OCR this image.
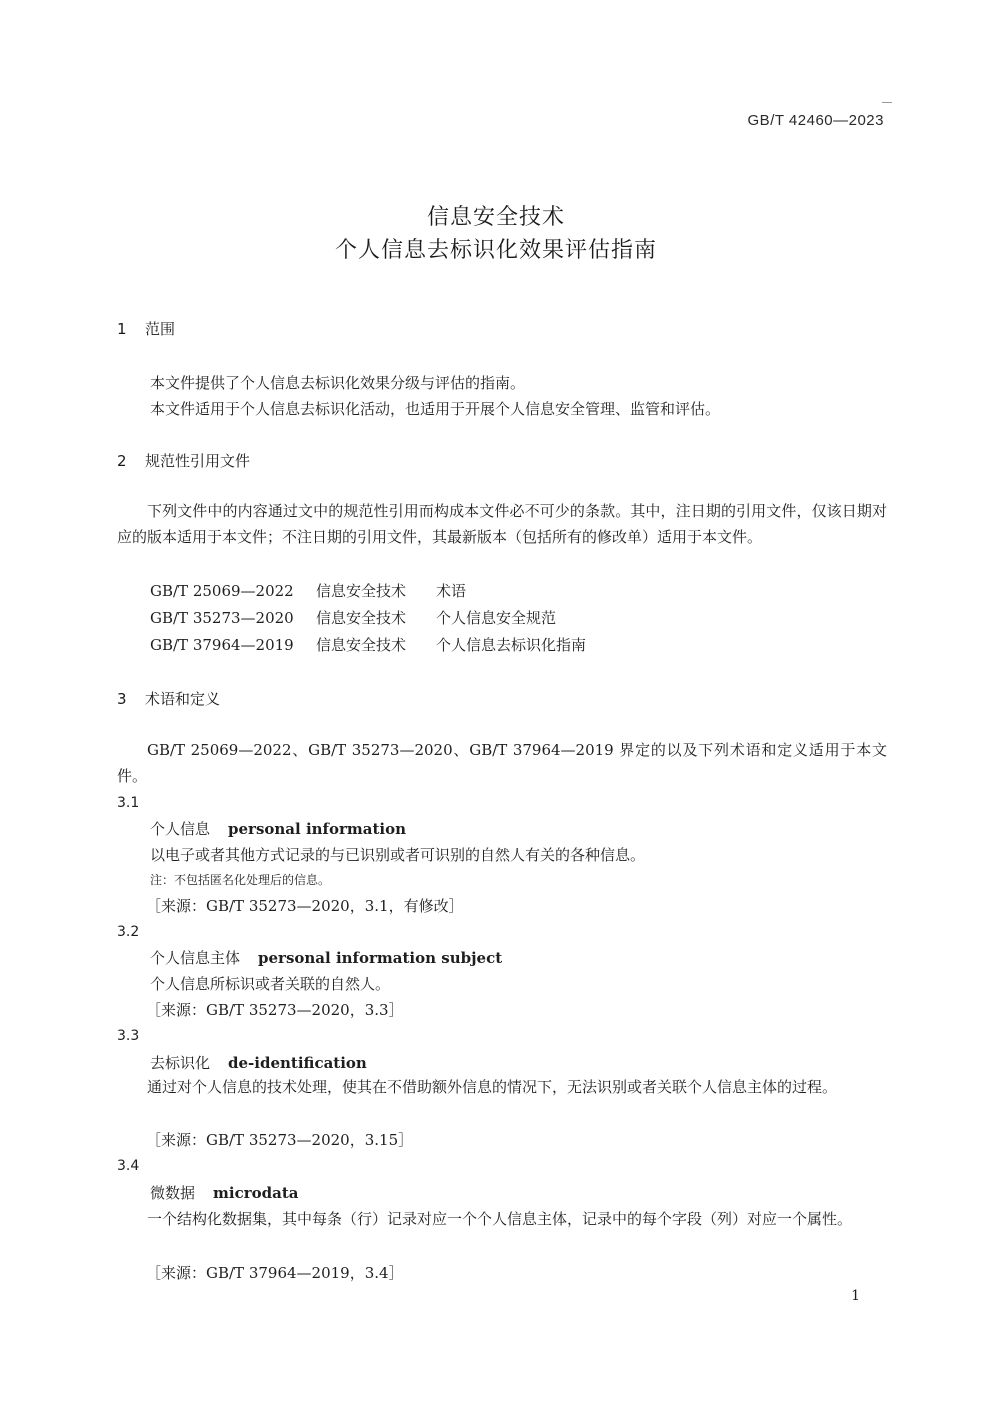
GB/T 42460—2023
信息安全技术
个人信息去标识化效果评估指南
1 范围
本文件提供了个人信息去标识化效果分级与评估的指南。
本文件适用于个人信息去标识化活动，也适用于开展个人信息安全管理、监管和评估。
2 规范性引用文件
下列文件中的内容通过文中的规范性引用而构成本文件必不可少的条款。其中，注日期的引用文件，仅该日期对应的版本适用于本文件；不注日期的引用文件，其最新版本（包括所有的修改单）适用于本文件。
GB/T 25069—2022 信息安全技术 术语
GB/T 35273—2020 信息安全技术 个人信息安全规范
GB/T 37964—2019 信息安全技术 个人信息去标识化指南
3 术语和定义
GB/T 25069—2022、GB/T 35273—2020、GB/T 37964—2019 界定的以及下列术语和定义适用于本文件。
3.1
个人信息 personal information
以电子或者其他方式记录的与已识别或者可识别的自然人有关的各种信息。
注：不包括匿名化处理后的信息。
［来源：GB/T 35273—2020，3.1，有修改］
3.2
个人信息主体 personal information subject
个人信息所标识或者关联的自然人。
［来源：GB/T 35273—2020，3.3］
3.3
去标识化 de-identification
通过对个人信息的技术处理，使其在不借助额外信息的情况下，无法识别或者关联个人信息主体的过程。
［来源：GB/T 35273—2020，3.15］
3.4
微数据 microdata
一个结构化数据集，其中每条（行）记录对应一个个人信息主体，记录中的每个字段（列）对应一个属性。
［来源：GB/T 37964—2019，3.4］
1
